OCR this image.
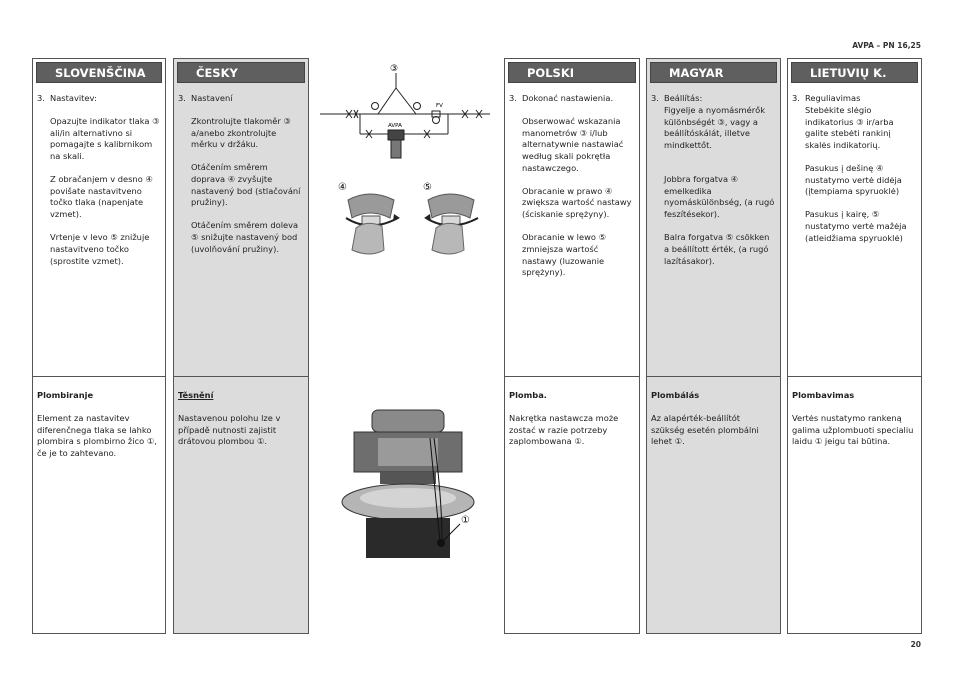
AVPA – PN 16,25
SLOVENŠČINA

3. Nastavitev:

Opazujte indikator tlaka ③ ali/in alternativno si pomagajte s kalibrnikom na skali.

Z obračanjem v desno ④ povišate nastavitveno točko tlaka (napenjate vzmet).

Vrtenje v levo ⑤ znižuje nastavitveno točko (sprostite vzmet).

Plombiranje
Element za nastavitev diferenčnega tlaka se lahko plombira s plombirno žico ①, če je to zahtevano.
ČESKY

3. Nastavení

Zkontrolujte tlakoměr ③ a/anebo zkontrolujte měrku v držáku.

Otáčením směrem doprava ④ zvyšujte nastavený bod (stlačování pružiny).

Otáčením směrem doleva ⑤ snižujte nastavený bod (uvolňování pružiny).

Těsnění
Nastavenou polohu lze v případě nutnosti zajistit drátovou plombou ①.
③
FV
AVPA
④	⑤
①
POLSKI

3. Dokonać nastawienia.

Obserwować wskazania manometrów ③ i/lub alternatywnie nastawiać według skali pokrętła nastawczego.

Obracanie w prawo ④ zwiększa wartość nastawy (ściskanie sprężyny).

Obracanie w lewo ⑤ zmniejsza wartość nastawy (luzowanie sprężyny).

Plomba.
Nakrętka nastawcza może zostać w razie potrzeby zaplombowana ①.
MAGYAR

3. Beállítás:

Figyelje a nyomásmérők különbségét ③, vagy a beállítóskálát, illetve mindkettőt.

Jobbra forgatva ④ emelkedika nyomáskülönbség, (a rugó feszítésekor).

Balra forgatva ⑤ csökken a beállított érték, (a rugó lazításakor).

Plombálás
Az alapérték-beállítót szükség esetén plombálni lehet ①.
LIETUVIŲ K.

3. Reguliavimas

Stebėkite slėgio indikatorius ③ ir/arba galite stebėti rankinį skalės indikatorių.

Pasukus į dešinę ④ nustatymo vertė didėja (įtempiama spyruoklė)

Pasukus į kairę, ⑤ nustatymo vertė mažėja (atleidžiama spyruoklė)

Plombavimas
Vertės nustatymo rankeną galima užplombuoti specialiu laidu ① jeigu tai būtina.
20
